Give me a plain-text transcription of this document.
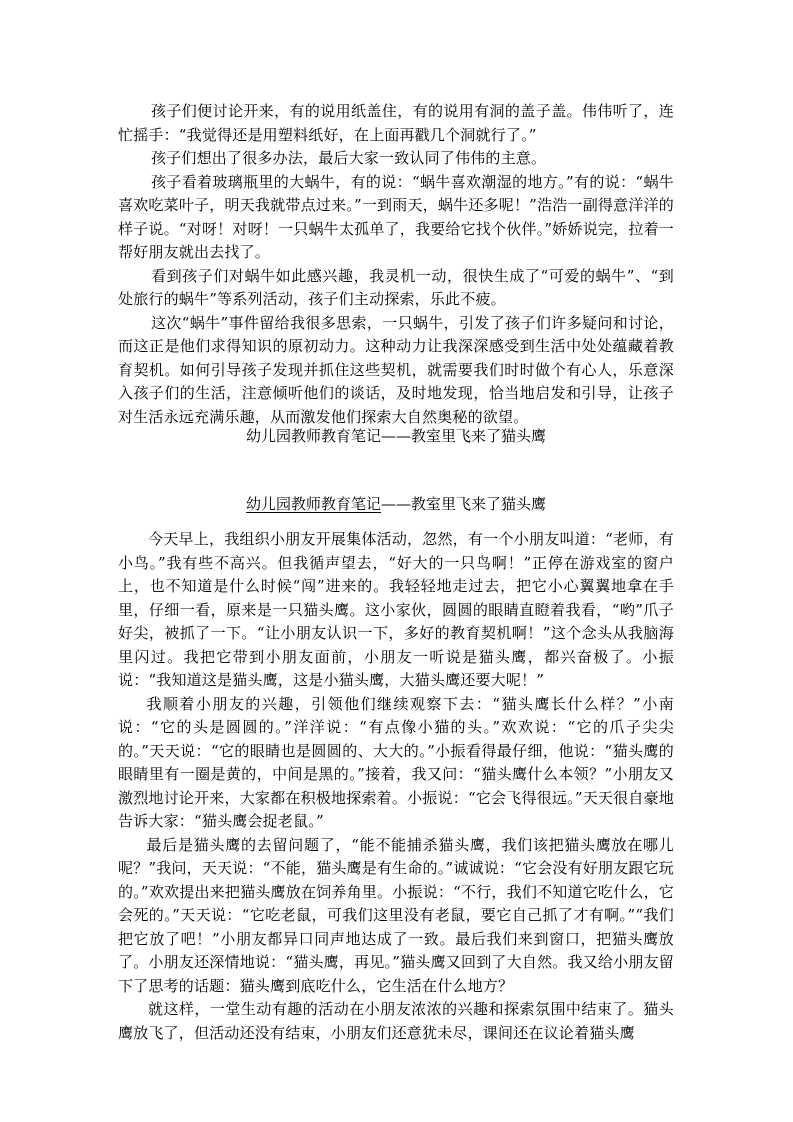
孩子们便讨论开来，有的说用纸盖住，有的说用有洞的盖子盖。伟伟听了，连忙摇手：“我觉得还是用塑料纸好，在上面再戳几个洞就行了。”

孩子们想出了很多办法，最后大家一致认同了伟伟的主意。

孩子看着玻璃瓶里的大蜗牛，有的说：“蜗牛喜欢潮湿的地方。”有的说：“蜗牛喜欢吃菜叶子，明天我就带点过来。”一到雨天，蜗牛还多呢！”浩浩一副得意洋洋的样子说。“对呀！对呀！一只蜗牛太孤单了，我要给它找个伙伴。”娇娇说完，拉着一帮好朋友就出去找了。

看到孩子们对蜗牛如此感兴趣，我灵机一动，很快生成了“可爱的蜗牛”、“到处旅行的蜗牛”等系列活动，孩子们主动探索，乐此不疲。

这次“蜗牛”事件留给我很多思索，一只蜗牛，引发了孩子们许多疑问和讨论，而这正是他们求得知识的原初动力。这种动力让我深深感受到生活中处处蕴藏着教育契机。如何引导孩子发现并抓住这些契机，就需要我们时时做个有心人，乐意深入孩子们的生活，注意倾听他们的谈话，及时地发现，恰当地启发和引导，让孩子对生活永远充满乐趣，从而激发他们探索大自然奥秘的欲望。

幼儿园教师教育笔记——教室里飞来了猫头鹰
幼儿园教师教育笔记——教室里飞来了猫头鹰

今天早上，我组织小朋友开展集体活动，忽然，有一个小朋友叫道：“老师，有小鸟。”我有些不高兴。但我循声望去，“好大的一只鸟啊！”正停在游戏室的窗户上，也不知道是什么时候“闯”进来的。我轻轻地走过去，把它小心翼翼地拿在手里，仔细一看，原来是一只猫头鹰。这小家伙，圆圆的眼睛直瞪着我看，“哟”爪子好尖，被抓了一下。“让小朋友认识一下，多好的教育契机啊！”这个念头从我脑海里闪过。我把它带到小朋友面前，小朋友一听说是猫头鹰，都兴奋极了。小振说：“我知道这是猫头鹰，这是小猫头鹰，大猫头鹰还要大呢！”

我顺着小朋友的兴趣，引领他们继续观察下去：“猫头鹰长什么样？”小南说：“它的头是圆圆的。”洋洋说：“有点像小猫的头。”欢欢说：“它的爪子尖尖的。”天天说：“它的眼睛也是圆圆的、大大的。”小振看得最仔细，他说：“猫头鹰的眼睛里有一圈是黄的，中间是黑的。”接着，我又问：“猫头鹰什么本领？”小朋友又激烈地讨论开来，大家都在积极地探索着。小振说：“它会飞得很远。”天天很自豪地告诉大家：“猫头鹰会捉老鼠。”

最后是猫头鹰的去留问题了，“能不能捕杀猫头鹰，我们该把猫头鹰放在哪儿呢？”我问，天天说：“不能，猫头鹰是有生命的。”诚诚说：“它会没有好朋友跟它玩的。”欢欢提出来把猫头鹰放在饲养角里。小振说：“不行，我们不知道它吃什么，它会死的。”天天说：“它吃老鼠，可我们这里没有老鼠，要它自己抓了才有啊。”“我们把它放了吧！”小朋友都异口同声地达成了一致。最后我们来到窗口，把猫头鹰放了。小朋友还深情地说：“猫头鹰，再见。”猫头鹰又回到了大自然。我又给小朋友留下了思考的话题：猫头鹰到底吃什么，它生活在什么地方？

就这样，一堂生动有趣的活动在小朋友浓浓的兴趣和探索氛围中结束了。猫头鹰放飞了，但活动还没有结束，小朋友们还意犹未尽，课间还在议论着猫头鹰
